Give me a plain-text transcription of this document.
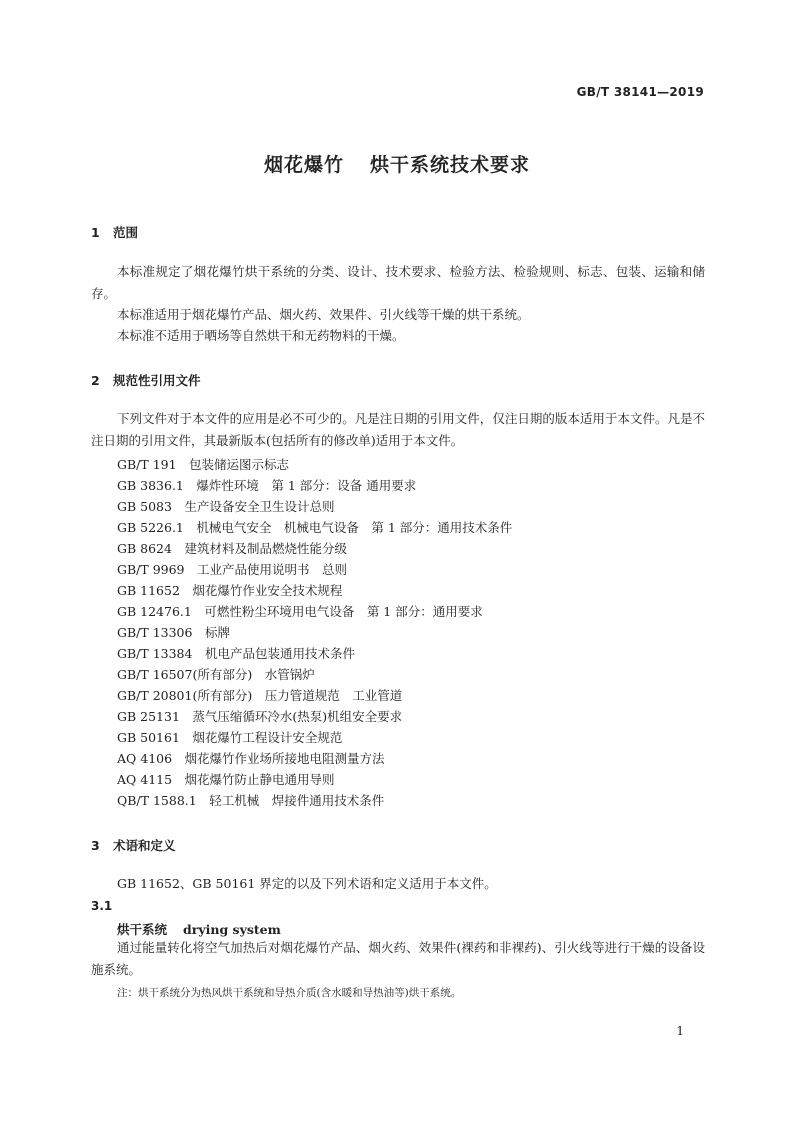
GB/T 38141—2019
烟花爆竹 烘干系统技术要求
1 范围
本标准规定了烟花爆竹烘干系统的分类、设计、技术要求、检验方法、检验规则、标志、包装、运输和储存。
本标准适用于烟花爆竹产品、烟火药、效果件、引火线等干燥的烘干系统。
本标准不适用于晒场等自然烘干和无药物料的干燥。
2 规范性引用文件
下列文件对于本文件的应用是必不可少的。凡是注日期的引用文件，仅注日期的版本适用于本文件。凡是不注日期的引用文件，其最新版本(包括所有的修改单)适用于本文件。
GB/T 191　包装储运图示标志
GB 3836.1　爆炸性环境　第 1 部分：设备 通用要求
GB 5083　生产设备安全卫生设计总则
GB 5226.1　机械电气安全　机械电气设备　第 1 部分：通用技术条件
GB 8624　建筑材料及制品燃烧性能分级
GB/T 9969　工业产品使用说明书　总则
GB 11652　烟花爆竹作业安全技术规程
GB 12476.1　可燃性粉尘环境用电气设备　第 1 部分：通用要求
GB/T 13306　标牌
GB/T 13384　机电产品包装通用技术条件
GB/T 16507(所有部分)　水管锅炉
GB/T 20801(所有部分)　压力管道规范　工业管道
GB 25131　蒸气压缩循环冷水(热泵)机组安全要求
GB 50161　烟花爆竹工程设计安全规范
AQ 4106　烟花爆竹作业场所接地电阻测量方法
AQ 4115　烟花爆竹防止静电通用导则
QB/T 1588.1　轻工机械　焊接件通用技术条件
3 术语和定义
GB 11652、GB 50161 界定的以及下列术语和定义适用于本文件。
3.1
烘干系统 drying system
通过能量转化将空气加热后对烟花爆竹产品、烟火药、效果件(裸药和非裸药)、引火线等进行干燥的设备设施系统。
注：烘干系统分为热风烘干系统和导热介质(含水暖和导热油等)烘干系统。
1
